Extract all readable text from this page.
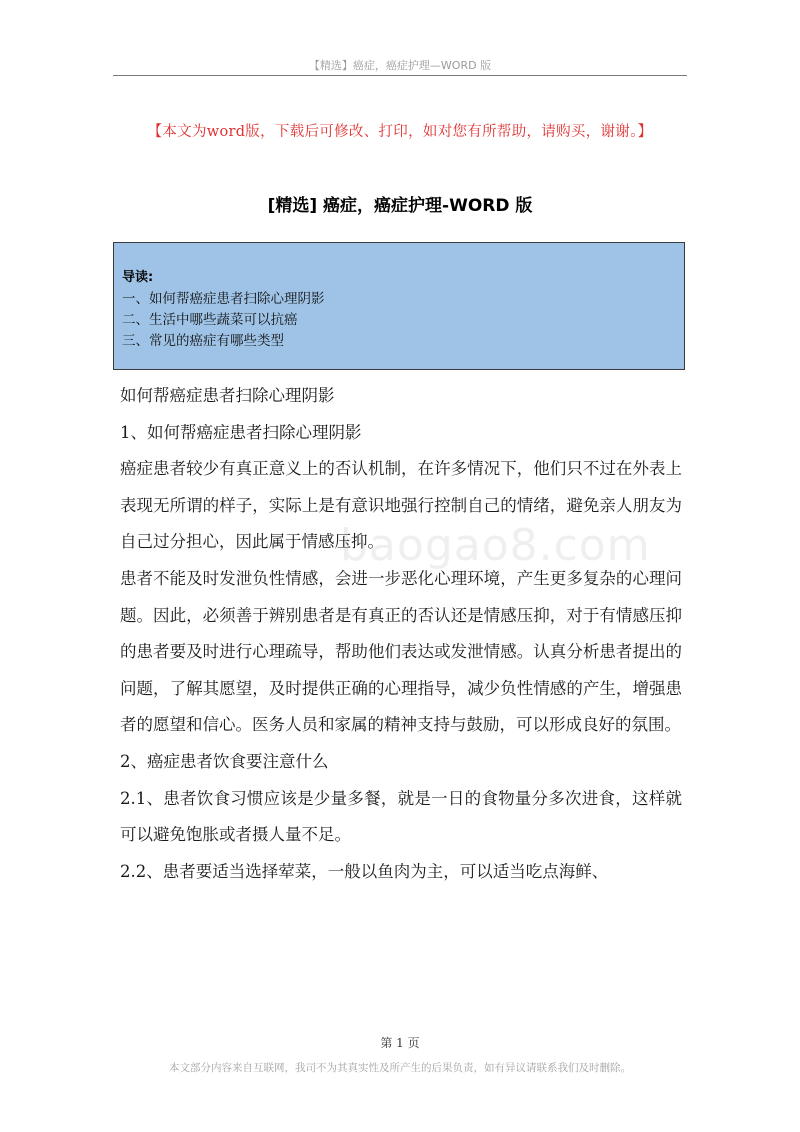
【精选】癌症，癌症护理—WORD 版
【本文为word版，下载后可修改、打印，如对您有所帮助，请购买，谢谢。】
[精选] 癌症，癌症护理-WORD 版
导读:
一、如何帮癌症患者扫除心理阴影
二、生活中哪些蔬菜可以抗癌
三、常见的癌症有哪些类型
baogao8.com

如何帮癌症患者扫除心理阴影

1、如何帮癌症患者扫除心理阴影

癌症患者较少有真正意义上的否认机制，在许多情况下，他们只不过在外表上表现无所谓的样子，实际上是有意识地强行控制自己的情绪，避免亲人朋友为自己过分担心，因此属于情感压抑。

患者不能及时发泄负性情感，会进一步恶化心理环境，产生更多复杂的心理问题。因此，必须善于辨别患者是有真正的否认还是情感压抑，对于有情感压抑的患者要及时进行心理疏导，帮助他们表达或发泄情感。认真分析患者提出的问题，了解其愿望，及时提供正确的心理指导，减少负性情感的产生，增强患者的愿望和信心。医务人员和家属的精神支持与鼓励，可以形成良好的氛围。

2、癌症患者饮食要注意什么

2.1、患者饮食习惯应该是少量多餐，就是一日的食物量分多次进食，这样就可以避免饱胀或者摄人量不足。

2.2、患者要适当选择荤菜，一般以鱼肉为主，可以适当吃点海鲜、

第 1 页
本文部分内容来自互联网，我司不为其真实性及所产生的后果负责，如有异议请联系我们及时删除。
